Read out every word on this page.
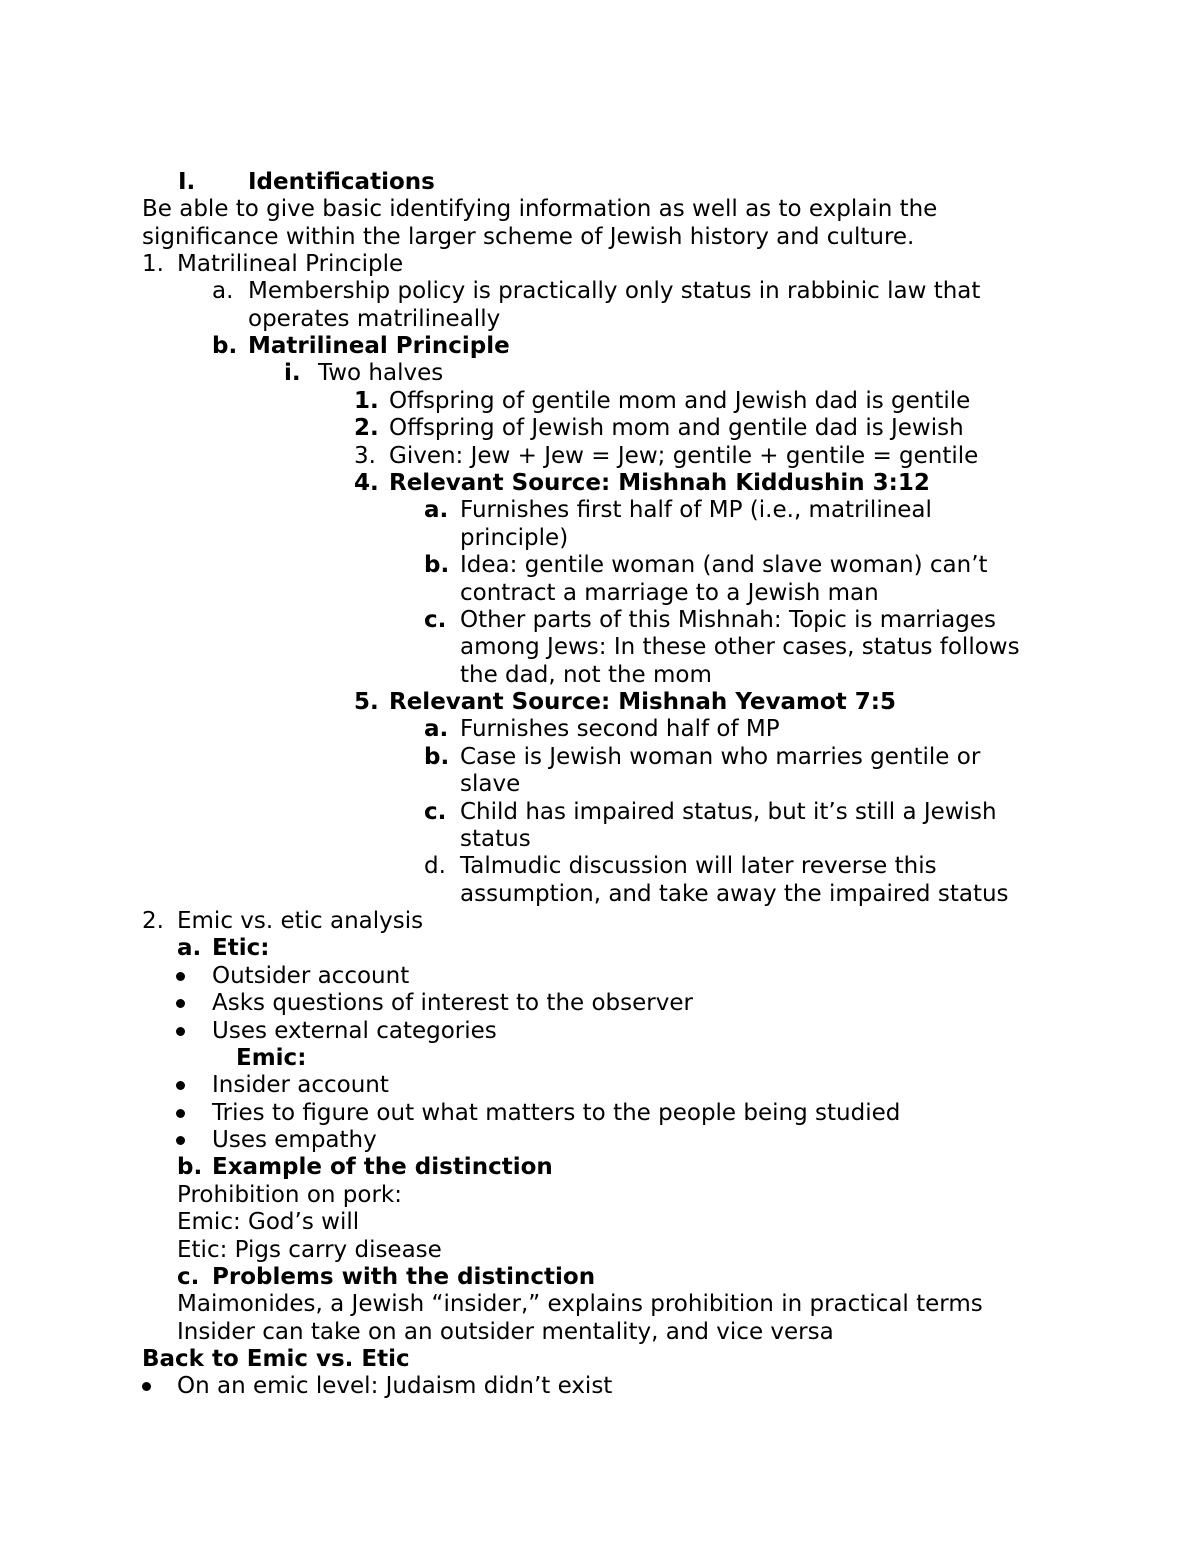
I. Identifications
Be able to give basic identifying information as well as to explain the
significance within the larger scheme of Jewish history and culture.
1. Matrilineal Principle
a. Membership policy is practically only status in rabbinic law that
operates matrilineally
b. Matrilineal Principle
i. Two halves
1. Offspring of gentile mom and Jewish dad is gentile
2. Offspring of Jewish mom and gentile dad is Jewish
3. Given: Jew + Jew = Jew; gentile + gentile = gentile
4. Relevant Source: Mishnah Kiddushin 3:12
a. Furnishes first half of MP (i.e., matrilineal
principle)
b. Idea: gentile woman (and slave woman) can’t
contract a marriage to a Jewish man
c. Other parts of this Mishnah: Topic is marriages
among Jews: In these other cases, status follows
the dad, not the mom
5. Relevant Source: Mishnah Yevamot 7:5
a. Furnishes second half of MP
b. Case is Jewish woman who marries gentile or
slave
c. Child has impaired status, but it’s still a Jewish
status
d. Talmudic discussion will later reverse this
assumption, and take away the impaired status
2. Emic vs. etic analysis
a. Etic:
Outsider account
Asks questions of interest to the observer
Uses external categories
Emic:
Insider account
Tries to figure out what matters to the people being studied
Uses empathy
b. Example of the distinction
Prohibition on pork:
Emic: God’s will
Etic: Pigs carry disease
c. Problems with the distinction
Maimonides, a Jewish “insider,” explains prohibition in practical terms
Insider can take on an outsider mentality, and vice versa
Back to Emic vs. Etic
On an emic level: Judaism didn’t exist
